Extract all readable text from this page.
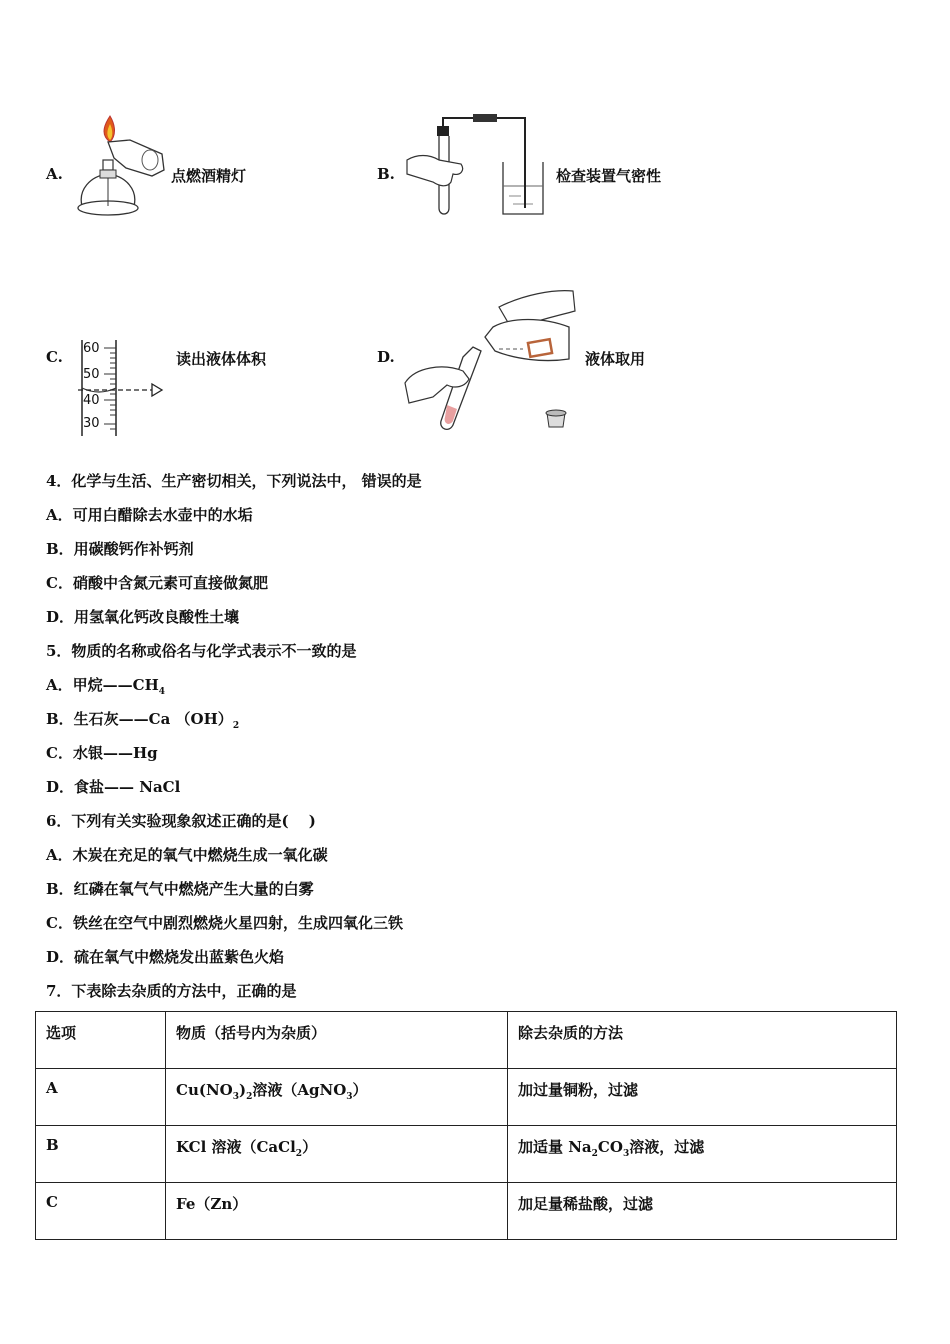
A.	点燃酒精灯	B.	检查装置气密性
C. 60
50
40
30
读出液体体积	D.	液体取用
4．化学与生活、生产密切相关，下列说法中， 错误的是
A．可用白醋除去水壶中的水垢
B．用碳酸钙作补钙剂
C．硝酸中含氮元素可直接做氮肥
D．用氢氧化钙改良酸性土壤
5．物质的名称或俗名与化学式表示不一致的是
A．甲烷$——CH_4$
B．生石灰——Ca $(OH)_2$
C．水银——Hg
D．食盐—— NaCl
6．下列有关实验现象叙述正确的是(　 )
A．木炭在充足的氧气中燃烧生成一氧化碳
B．红磷在氧气气中燃烧产生大量的白雾
C．铁丝在空气中剧烈燃烧火星四射，生成四氧化三铁
D．硫在氧气中燃烧发出蓝紫色火焰
7．下表除去杂质的方法中，正确的是
选项	物质（括号内为杂质）	除去杂质的方法
A	$Cu(NO_3)_2$溶液（AgNO$_3$）	加过量铜粉，过滤
B	KCl 溶液（CaCl$_2$）	加适量 $Na_2CO_3$溶液，过滤
C	Fe（Zn）	加足量稀盐酸，过滤
